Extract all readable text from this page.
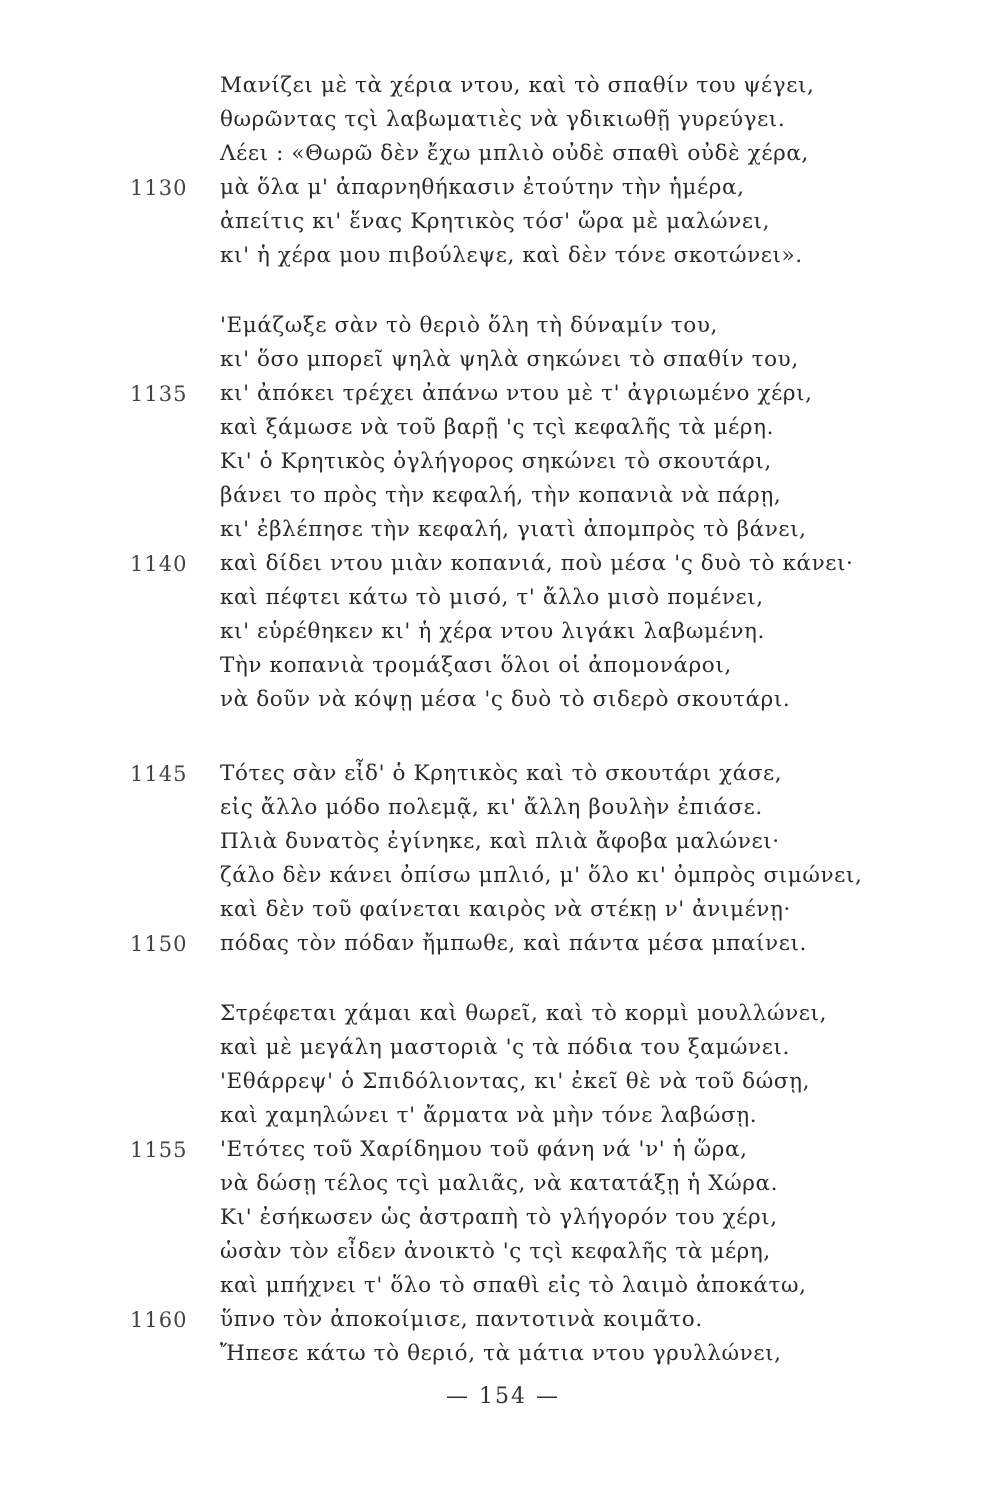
Μανίζει μὲ τὰ χέρια ντου, καὶ τὸ σπαθίν του ψέγει,
θωρῶντας τςὶ λαβωματιὲς νὰ γδικιωθῇ γυρεύγει.
Λέει : «Θωρῶ δὲν ἔχω μπλιὸ οὐδὲ σπαθὶ οὐδὲ χέρα,
1130	μὰ ὅλα μ' ἀπαρνηθήκασιν ἐτούτην τὴν ἡμέρα,
ἀπείτις κι' ἕνας Κρητικὸς τόσ' ὥρα μὲ μαλώνει,
κι' ἡ χέρα μου πιβούλεψε, καὶ δὲν τόνε σκοτώνει».
'Εμάζωξε σὰν τὸ θεριὸ ὅλη τὴ δύναμίν του,
κι' ὅσο μπορεῖ ψηλὰ ψηλὰ σηκώνει τὸ σπαθίν του,
1135	κι' ἀπόκει τρέχει ἀπάνω ντου μὲ τ' ἀγριωμένο χέρι,
καὶ ξάμωσε νὰ τοῦ βαρῇ 'ς τςὶ κεφαλῆς τὰ μέρη.
Κι' ὁ Κρητικὸς ὀγλήγορος σηκώνει τὸ σκουτάρι,
βάνει το πρὸς τὴν κεφαλή, τὴν κοπανιὰ νὰ πάρῃ,
κι' ἐβλέπησε τὴν κεφαλή, γιατὶ ἀπομπρὸς τὸ βάνει,
1140	καὶ δίδει ντου μιὰν κοπανιά, ποὺ μέσα 'ς δυὸ τὸ κάνει·
καὶ πέφτει κάτω τὸ μισό, τ' ἄλλο μισὸ πομένει,
κι' εὑρέθηκεν κι' ἡ χέρα ντου λιγάκι λαβωμένη.
Τὴν κοπανιὰ τρομάξασι ὅλοι οἱ ἀπομονάροι,
νὰ δοῦν νὰ κόψῃ μέσα 'ς δυὸ τὸ σιδερὸ σκουτάρι.
1145	Τότες σὰν εἶδ' ὁ Κρητικὸς καὶ τὸ σκουτάρι χάσε,
εἰς ἄλλο μόδο πολεμᾷ, κι' ἄλλη βουλὴν ἐπιάσε.
Πλιὰ δυνατὸς ἐγίνηκε, καὶ πλιὰ ἄφοβα μαλώνει·
ζάλο δὲν κάνει ὀπίσω μπλιό, μ' ὅλο κι' ὀμπρὸς σιμώνει,
καὶ δὲν τοῦ φαίνεται καιρὸς νὰ στέκῃ ν' ἀνιμένῃ·
1150	πόδας τὸν πόδαν ἤμπωθε, καὶ πάντα μέσα μπαίνει.
Στρέφεται χάμαι καὶ θωρεῖ, καὶ τὸ κορμὶ μουλλώνει,
καὶ μὲ μεγάλη μαστοριὰ 'ς τὰ πόδια του ξαμώνει.
'Εθάρρεψ' ὁ Σπιδόλιοντας, κι' ἐκεῖ θὲ νὰ τοῦ δώσῃ,
καὶ χαμηλώνει τ' ἄρματα νὰ μὴν τόνε λαβώσῃ.
1155	'Ετότες τοῦ Χαρίδημου τοῦ φάνη νά 'ν' ἡ ὥρα,
νὰ δώσῃ τέλος τςὶ μαλιᾶς, νὰ κατατάξῃ ἡ Χώρα.
Κι' ἐσήκωσεν ὡς ἀστραπὴ τὸ γλήγορόν του χέρι,
ὡσὰν τὸν εἶδεν ἀνοικτὸ 'ς τςὶ κεφαλῆς τὰ μέρη,
καὶ μπήχνει τ' ὅλο τὸ σπαθὶ εἰς τὸ λαιμὸ ἀποκάτω,
1160	ὕπνο τὸν ἀποκοίμισε, παντοτινὰ κοιμᾶτο.
Ἤπεσε κάτω τὸ θεριό, τὰ μάτια ντου γρυλλώνει,
— 154 —
